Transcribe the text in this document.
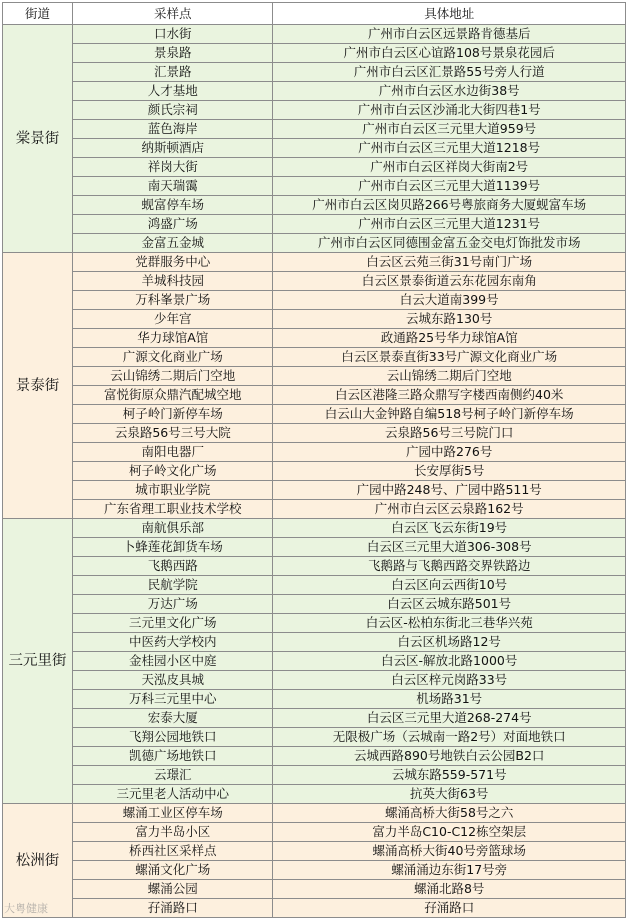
街道	采样点	具体地址
棠景街	口水街	广州市白云区远景路肯德基后
	景泉路	广州市白云区心谊路108号景泉花园后
	汇景路	广州市白云区汇景路55号旁人行道
	人才基地	广州市白云区水边街38号
	颜氏宗祠	广州市白云区沙涌北大街四巷1号
	蓝色海岸	广州市白云区三元里大道959号
	纳斯顿酒店	广州市白云区三元里大道1218号
	祥岗大街	广州市白云区祥岗大街南2号
	南天瑞霭	广州市白云区三元里大道1139号
	蚬富停车场	广州市白云区岗贝路266号粤旅商务大厦蚬富车场
	鸿盛广场	广州市白云区三元里大道1231号
	金富五金城	广州市白云区同德围金富五金交电灯饰批发市场
景泰街	党群服务中心	白云区云苑三街31号南门广场
	羊城科技园	白云区景泰街道云东花园东南角
	万科峯景广场	白云大道南399号
	少年宫	云城东路130号
	华力球馆A馆	政通路25号华力球馆A馆
	广源文化商业广场	白云区景泰直街33号广源文化商业广场
	云山锦绣二期后门空地	云山锦绣二期后门空地
	富悦街原众鼎汽配城空地	白云区港隆三路众鼎写字楼西南侧约40米
	柯子岭门新停车场	白云山大金钟路自编518号柯子岭门新停车场
	云泉路56号三号大院	云泉路56号三号院门口
	南阳电器厂	广园中路276号
	柯子岭文化广场	长安厚街5号
	城市职业学院	广园中路248号、广园中路511号
	广东省理工职业技术学校	广州市白云区云泉路162号
三元里街	南航俱乐部	白云区飞云东街19号
	卜蜂莲花卸货车场	白云区三元里大道306-308号
	飞鹅西路	飞鹅路与飞鹅西路交界铁路边
	民航学院	白云区向云西街10号
	万达广场	白云区云城东路501号
	三元里文化广场	白云区-松柏东街北三巷华兴苑
	中医药大学校内	白云区机场路12号
	金桂园小区中庭	白云区-解放北路1000号
	天泓皮具城	白云区梓元岗路33号
	万科三元里中心	机场路31号
	宏泰大厦	白云区三元里大道268-274号
	飞翔公园地铁口	无限极广场（云城南一路2号）对面地铁口
	凯德广场地铁口	云城西路890号地铁白云公园B2口
	云璟汇	云城东路559-571号
	三元里老人活动中心	抗英大街63号
松洲街	螺涌工业区停车场	螺涌高桥大街58号之六
	富力半岛小区	富力半岛C10-C12栋空架层
	桥西社区采样点	螺涌高桥大街40号旁篮球场
	螺涌文化广场	螺涌涌边东街17号旁
	螺涌公园	螺涌北路8号
	孖涌路口	孖涌路口
大粤健康
